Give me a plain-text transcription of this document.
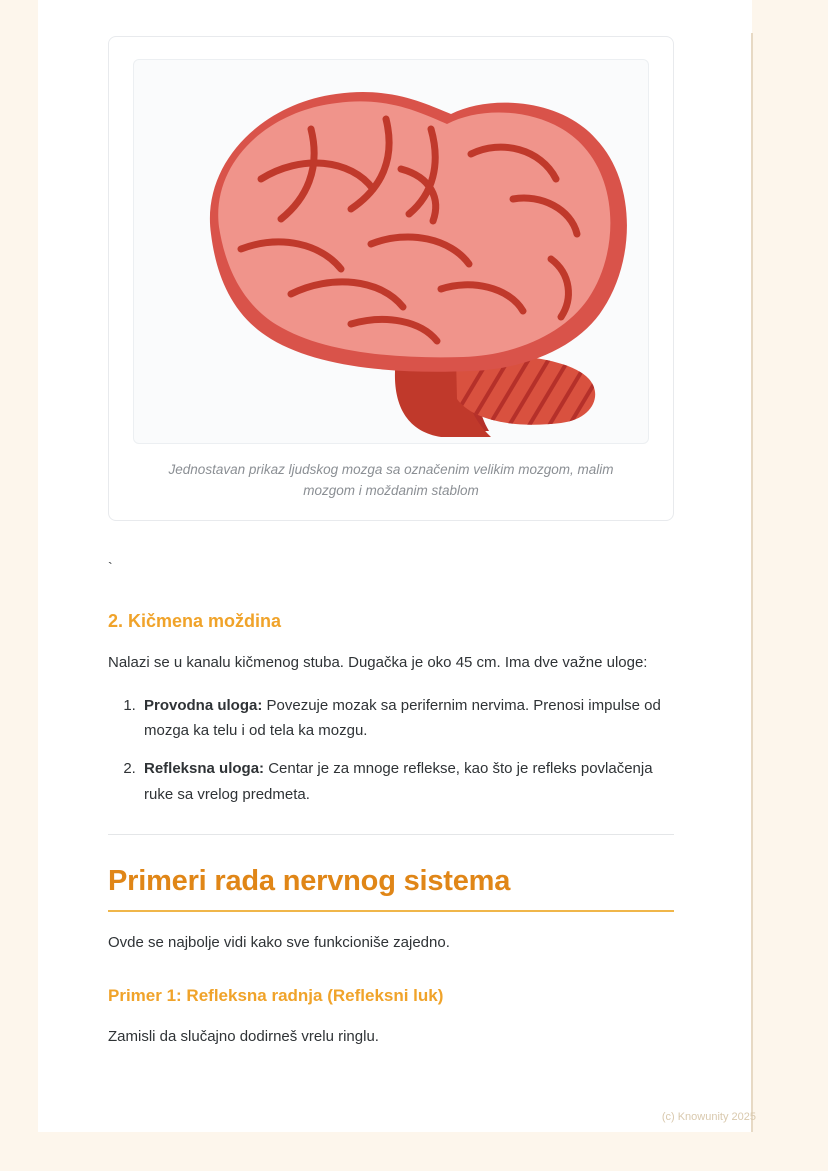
Jednostavan prikaz ljudskog mozga sa označenim velikim mozgom, malim mozgom i moždanim stablom
`
2. Kičmena moždina

Nalazi se u kanalu kičmenog stuba. Dugačka je oko 45 cm. Ima dve važne uloge:

1. Provodna uloga: Povezuje mozak sa perifernim nervima. Prenosi impulse od mozga ka telu i od tela ka mozgu.
2. Refleksna uloga: Centar je za mnoge reflekse, kao što je refleks povlačenja ruke sa vrelog predmeta.
Primeri rada nervnog sistema

Ovde se najbolje vidi kako sve funkcioniše zajedno.

Primer 1: Refleksna radnja (Refleksni luk)

Zamisli da slučajno dodirneš vrelu ringlu.

(c) Knowunity 2025
